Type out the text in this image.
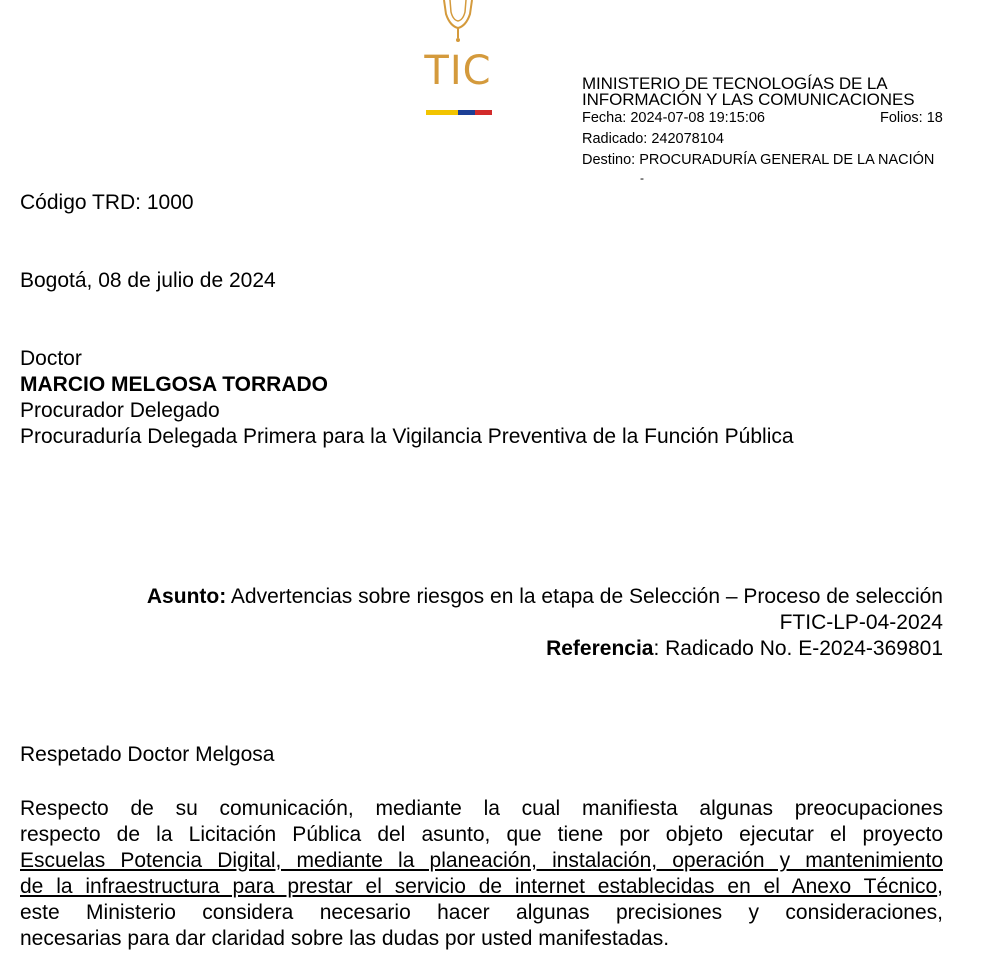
TIC	MINISTERIO DE TECNOLOGÍAS DE LA
INFORMACIÓN Y LAS COMUNICACIONES
Fecha: 2024-07-08 19:15:06	Folios: 18
Radicado: 242078104
Destino: PROCURADURÍA GENERAL DE LA NACIÓN
-
Código TRD: 1000
Bogotá, 08 de julio de 2024
Doctor
MARCIO MELGOSA TORRADO
Procurador Delegado
Procuraduría Delegada Primera para la Vigilancia Preventiva de la Función Pública
Asunto: Advertencias sobre riesgos en la etapa de Selección – Proceso de selección
FTIC-LP-04-2024
Referencia: Radicado No. E-2024-369801
Respetado Doctor Melgosa
Respecto de su comunicación, mediante la cual manifiesta algunas preocupaciones
respecto de la Licitación Pública del asunto, que tiene por objeto ejecutar el proyecto
Escuelas Potencia Digital, mediante la planeación, instalación, operación y mantenimiento
de la infraestructura para prestar el servicio de internet establecidas en el Anexo Técnico,
este Ministerio considera necesario hacer algunas precisiones y consideraciones,
necesarias para dar claridad sobre las dudas por usted manifestadas.
